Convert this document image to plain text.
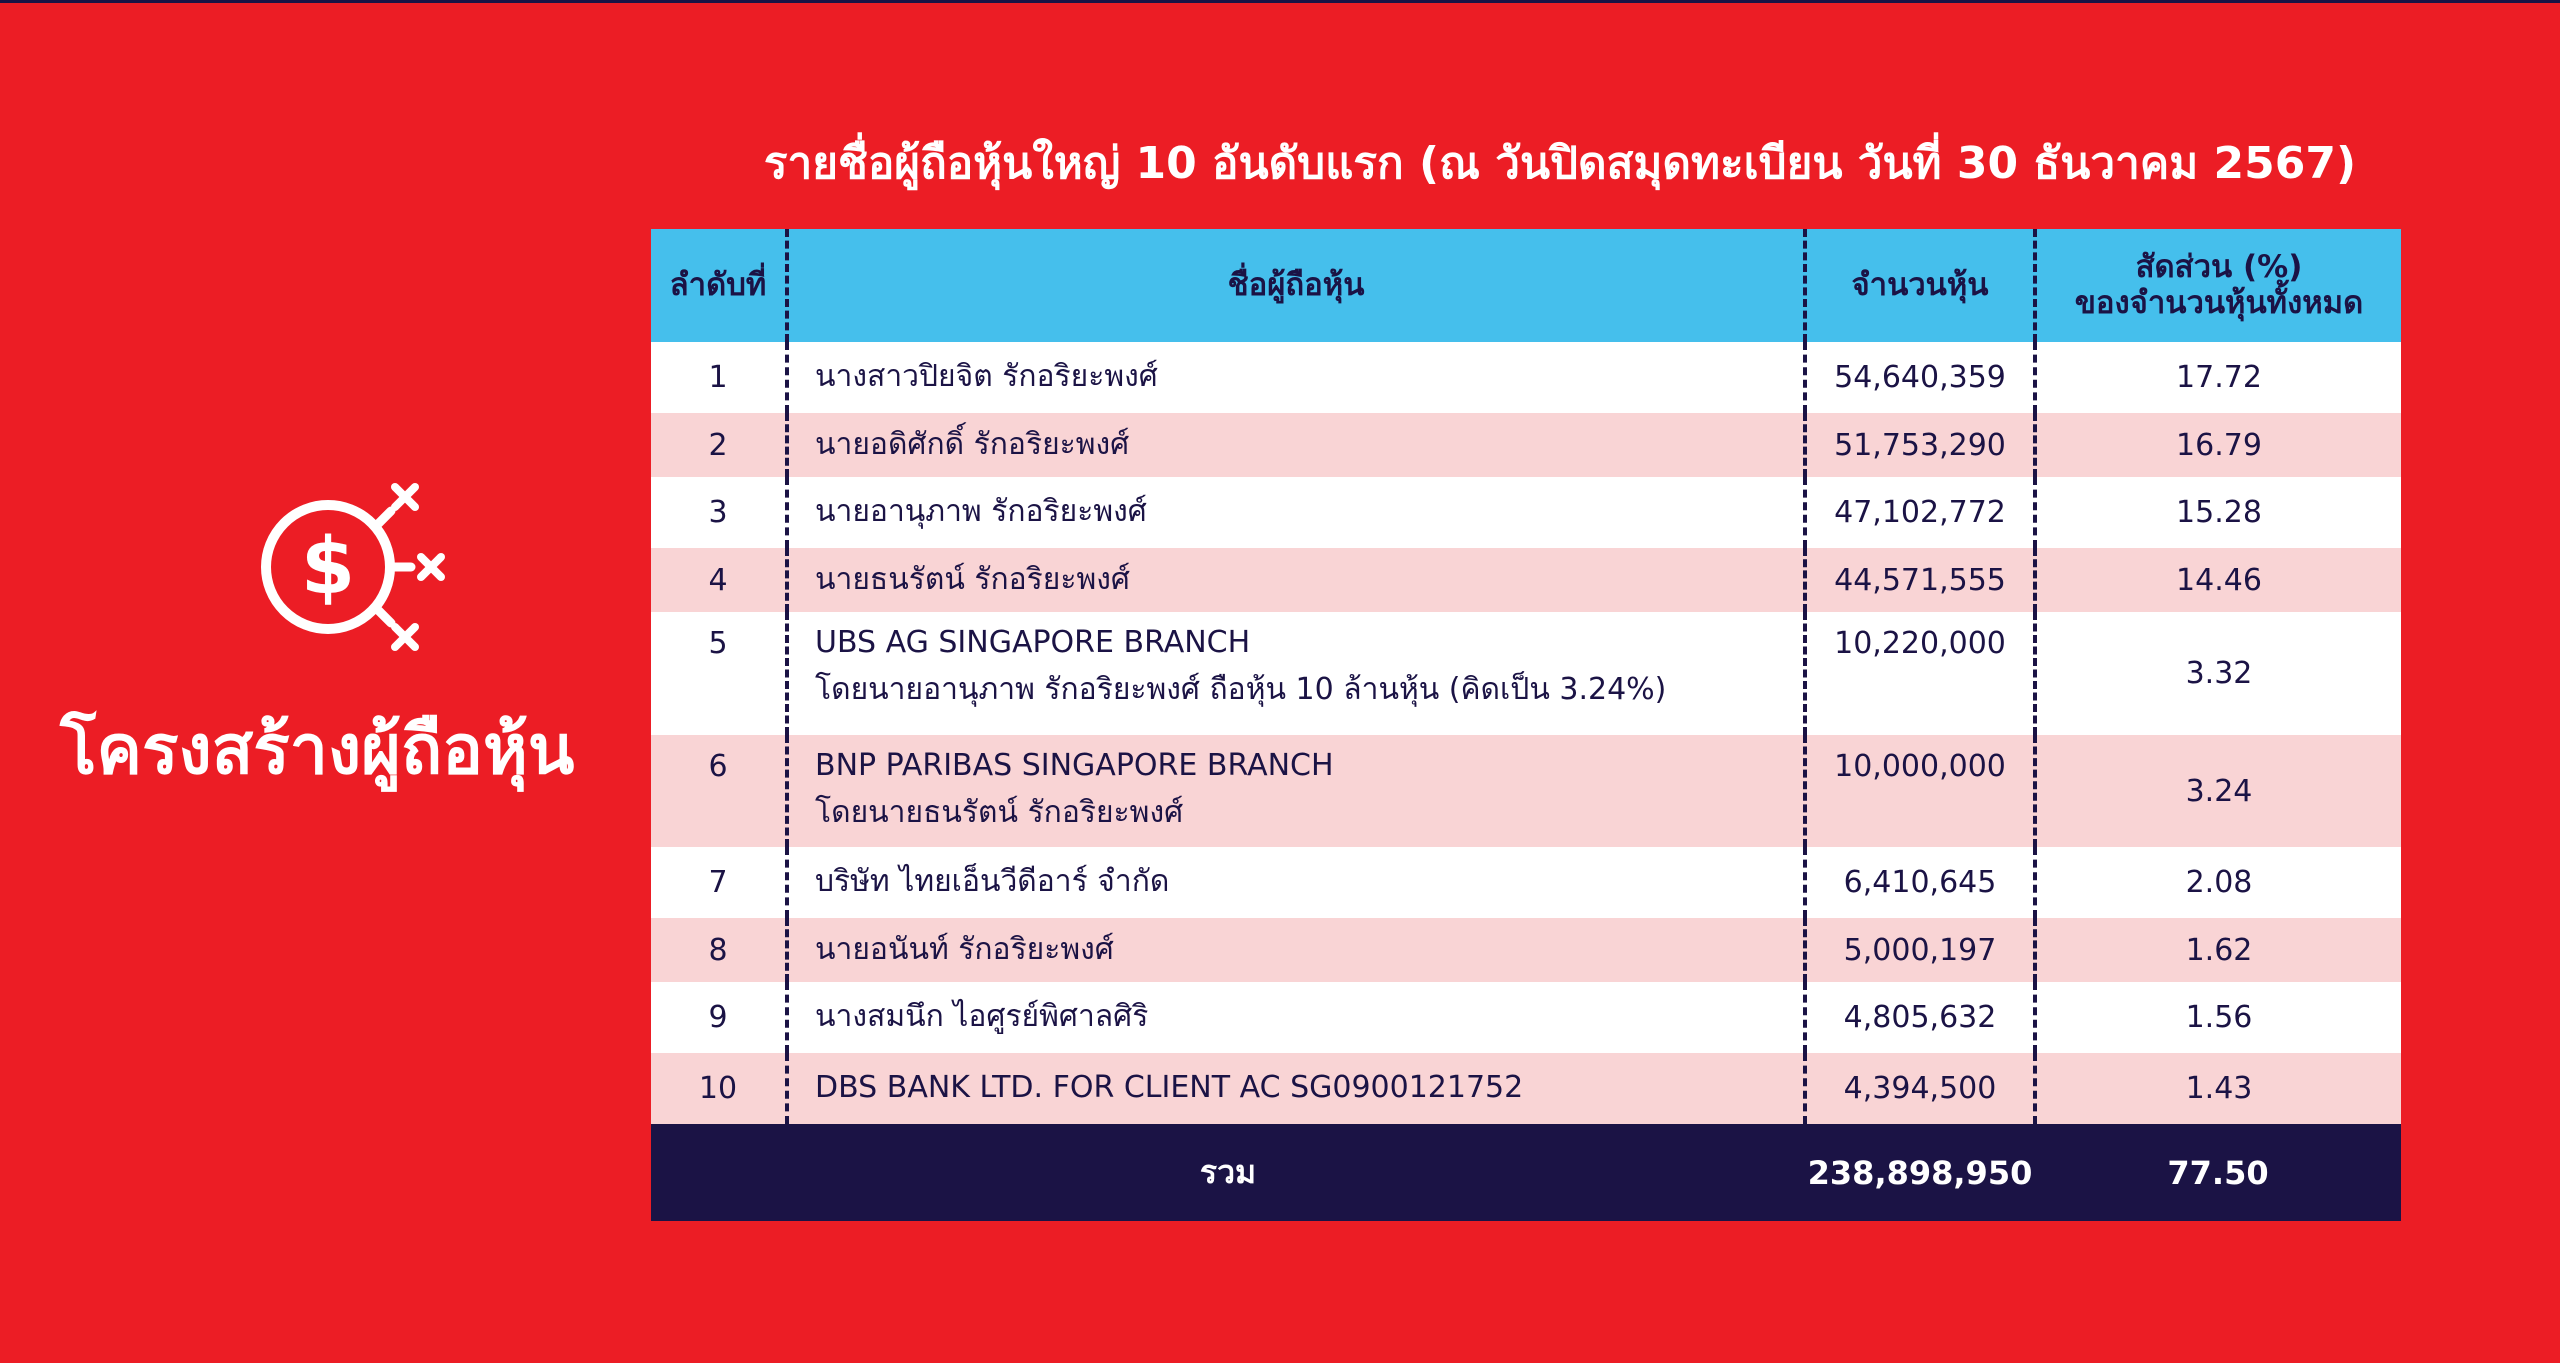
$
โครงสร้างผู้ถือหุ้น
รายชื่อผู้ถือหุ้นใหญ่ 10 อันดับแรก (ณ วันปิดสมุดทะเบียน วันที่ 30 ธันวาคม 2567)
ลำดับที่	ชื่อผู้ถือหุ้น	จำนวนหุ้น	สัดส่วน (%)
ของจำนวนหุ้นทั้งหมด

1	นางสาวปิยจิต รักอริยะพงศ์	54,640,359	17.72
2	นายอดิศักดิ์ รักอริยะพงศ์	51,753,290	16.79
3	นายอานุภาพ รักอริยะพงศ์	47,102,772	15.28
4	นายธนรัตน์ รักอริยะพงศ์	44,571,555	14.46
5	UBS AG SINGAPORE BRANCH
โดยนายอานุภาพ รักอริยะพงศ์ ถือหุ้น 10 ล้านหุ้น (คิดเป็น 3.24%)	10,220,000	3.32
6	BNP PARIBAS SINGAPORE BRANCH
โดยนายธนรัตน์ รักอริยะพงศ์	10,000,000	3.24
7	บริษัท ไทยเอ็นวีดีอาร์ จำกัด	6,410,645	2.08
8	นายอนันท์ รักอริยะพงศ์	5,000,197	1.62
9	นางสมนึก ไอศูรย์พิศาลศิริ	4,805,632	1.56
10	DBS BANK LTD. FOR CLIENT AC SG0900121752	4,394,500	1.43
รวม		238,898,950	77.50
